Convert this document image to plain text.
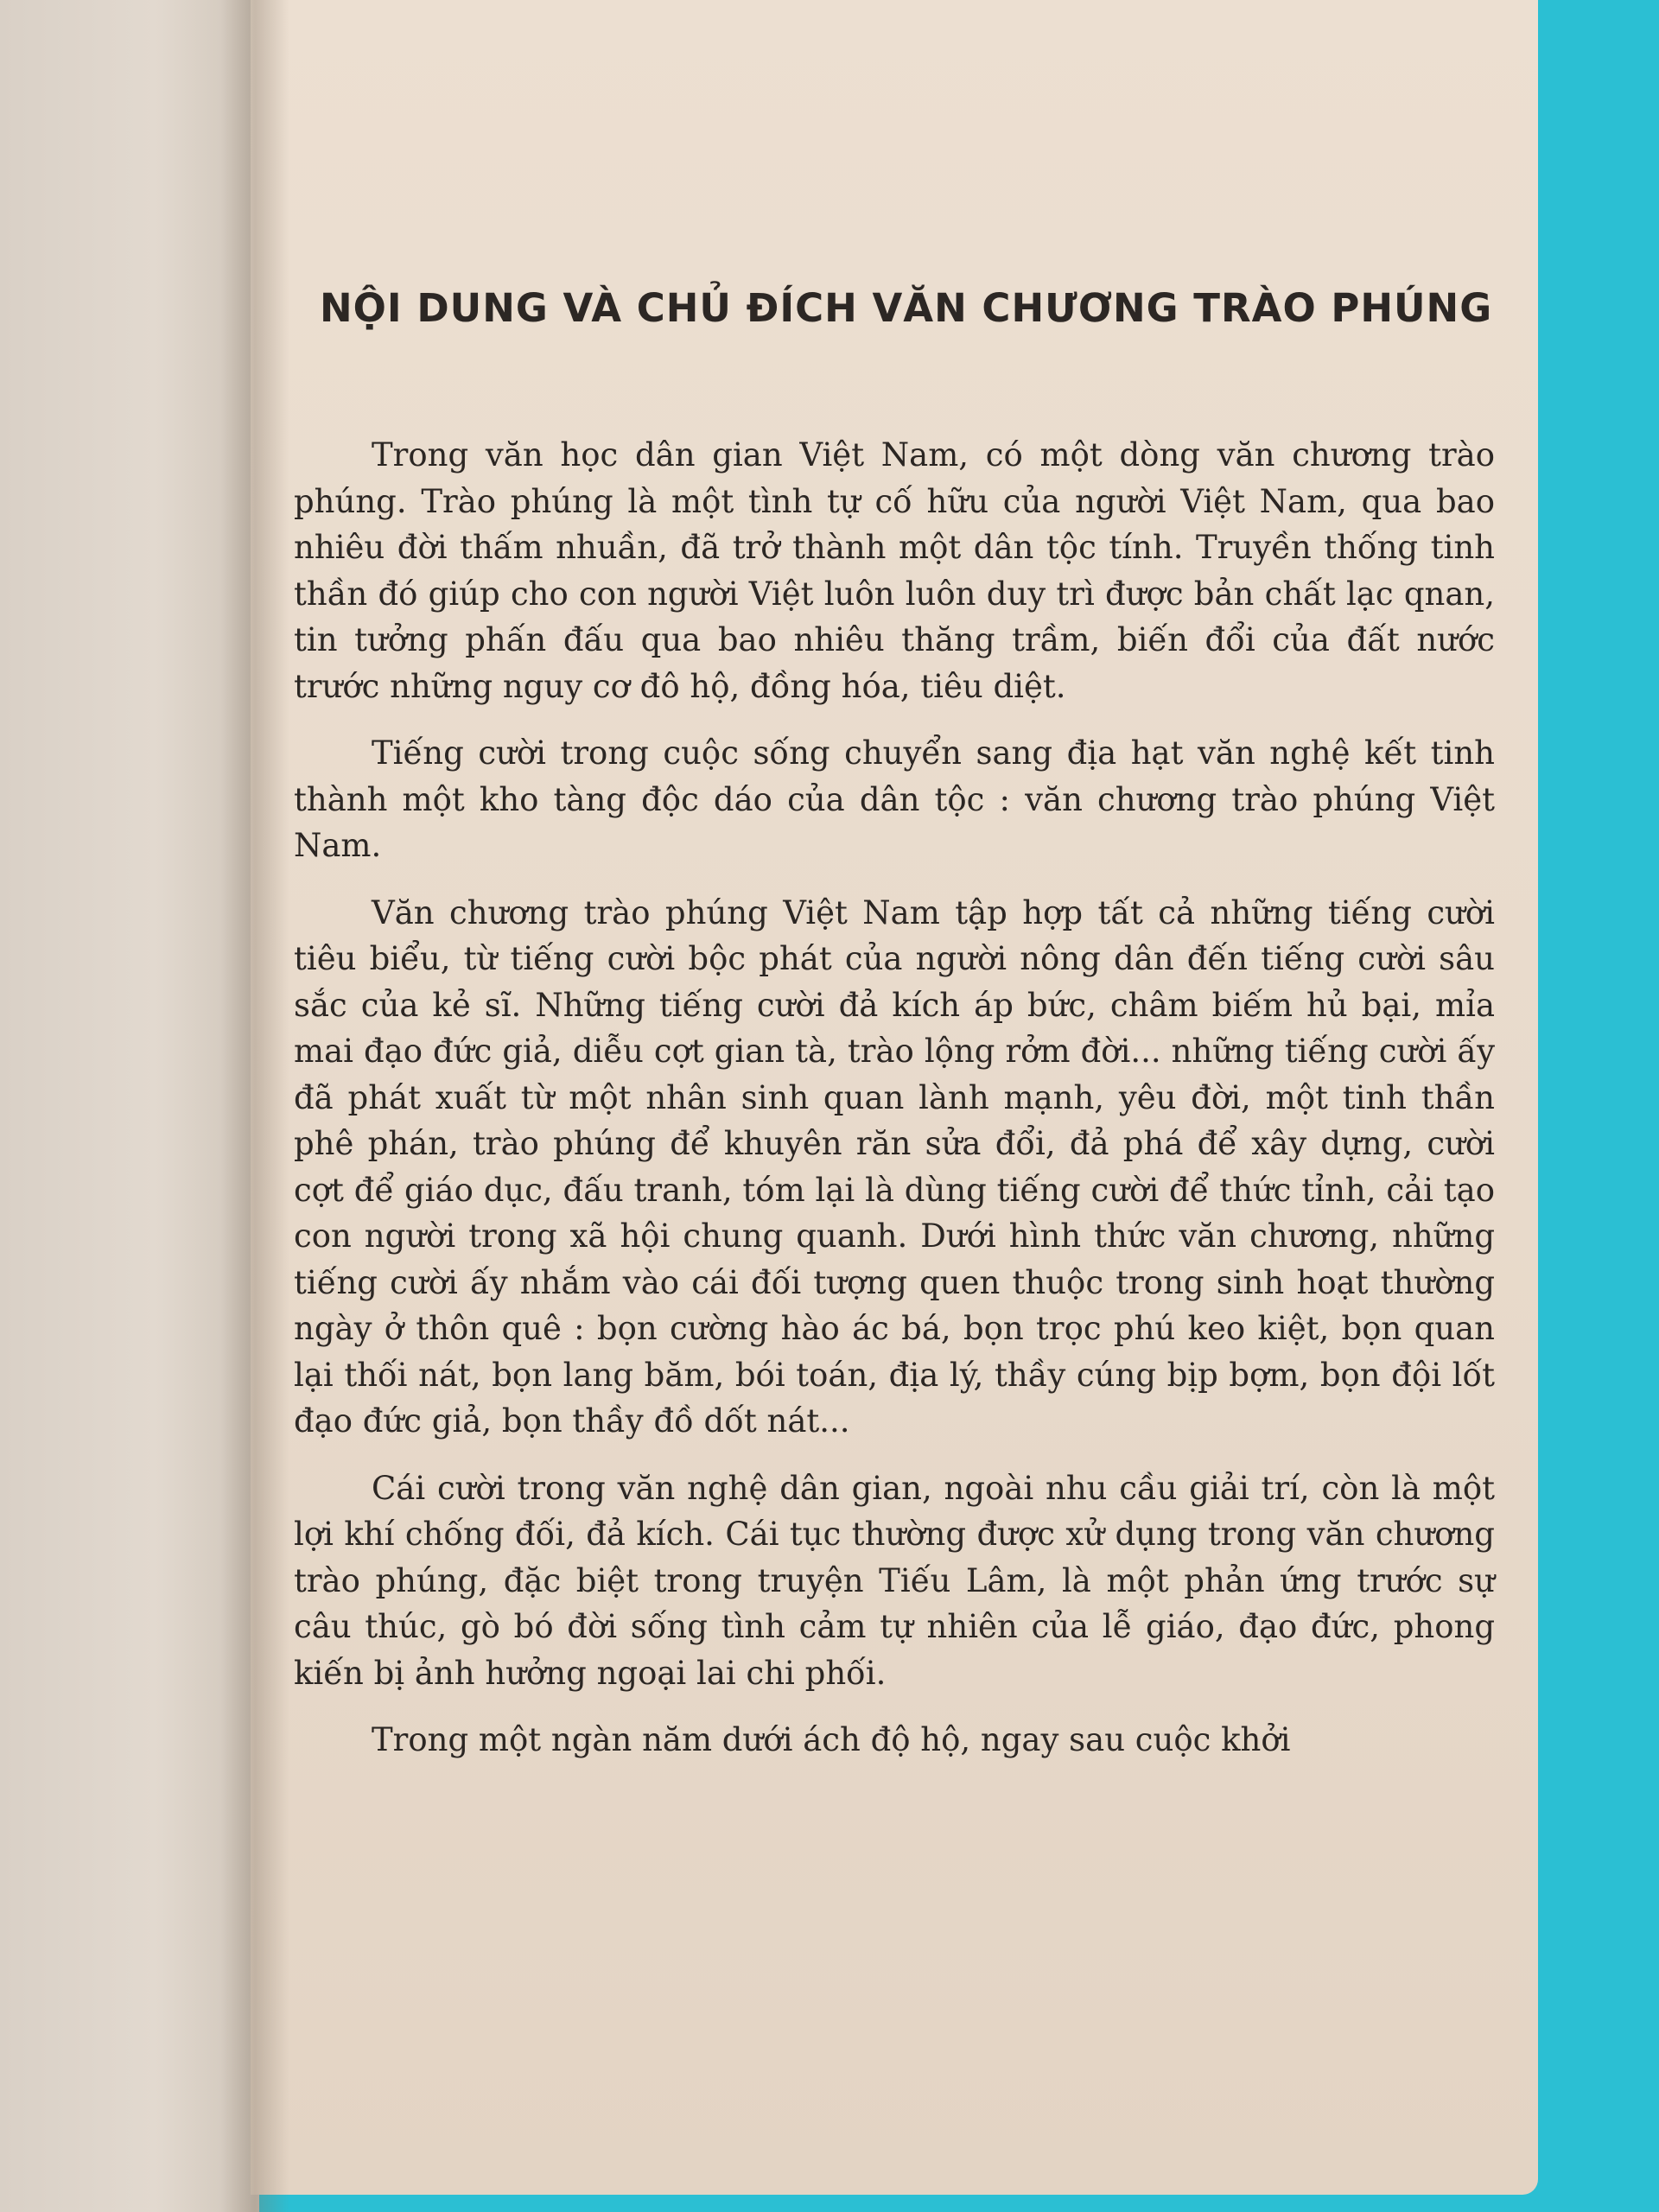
NỘI DUNG VÀ CHỦ ĐÍCH VĂN CHƯƠNG TRÀO PHÚNG

Trong văn học dân gian Việt Nam, có một dòng văn chương trào phúng. Trào phúng là một tình tự cố hữu của người Việt Nam, qua bao nhiêu đời thấm nhuần, đã trở thành một dân tộc tính. Truyền thống tinh thần đó giúp cho con người Việt luôn luôn duy trì được bản chất lạc qnan, tin tưởng phấn đấu qua bao nhiêu thăng trầm, biến đổi của đất nước trước những nguy cơ đô hộ, đồng hóa, tiêu diệt.

Tiếng cười trong cuộc sống chuyển sang địa hạt văn nghệ kết tinh thành một kho tàng độc dáo của dân tộc : văn chương trào phúng Việt Nam.

Văn chương trào phúng Việt Nam tập hợp tất cả những tiếng cười tiêu biểu, từ tiếng cười bộc phát của người nông dân đến tiếng cười sâu sắc của kẻ sĩ. Những tiếng cười đả kích áp bức, châm biếm hủ bại, mỉa mai đạo đức giả, diễu cợt gian tà, trào lộng rởm đời... những tiếng cười ấy đã phát xuất từ một nhân sinh quan lành mạnh, yêu đời, một tinh thần phê phán, trào phúng để khuyên răn sửa đổi, đả phá để xây dựng, cười cợt để giáo dục, đấu tranh, tóm lại là dùng tiếng cười để thức tỉnh, cải tạo con người trong xã hội chung quanh. Dưới hình thức văn chương, những tiếng cười ấy nhắm vào cái đối tượng quen thuộc trong sinh hoạt thường ngày ở thôn quê : bọn cường hào ác bá, bọn trọc phú keo kiệt, bọn quan lại thối nát, bọn lang băm, bói toán, địa lý, thầy cúng bịp bợm, bọn đội lốt đạo đức giả, bọn thầy đồ dốt nát...

Cái cười trong văn nghệ dân gian, ngoài nhu cầu giải trí, còn là một lợi khí chống đối, đả kích. Cái tục thường được xử dụng trong văn chương trào phúng, đặc biệt trong truyện Tiếu Lâm, là một phản ứng trước sự câu thúc, gò bó đời sống tình cảm tự nhiên của lễ giáo, đạo đức, phong kiến bị ảnh hưởng ngoại lai chi phối.

Trong một ngàn năm dưới ách độ hộ, ngay sau cuộc khởi
